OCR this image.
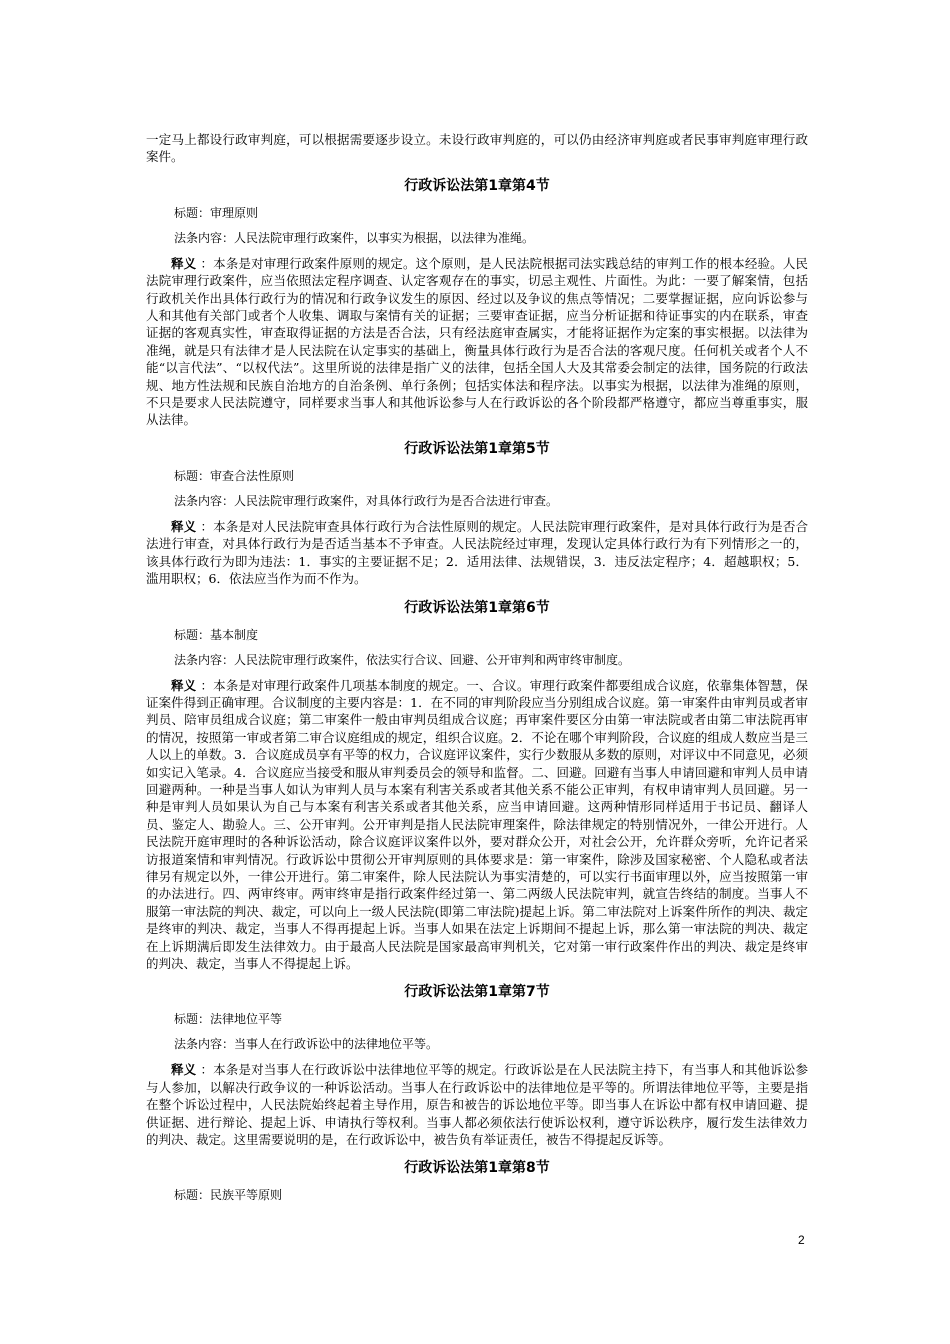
一定马上都设行政审判庭，可以根据需要逐步设立。未设行政审判庭的，可以仍由经济审判庭或者民事审判庭审理行政案件。

行政诉讼法第1章第4节
标题：审理原则
法条内容：人民法院审理行政案件，以事实为根据，以法律为准绳。

释义 ：本条是对审理行政案件原则的规定。这个原则，是人民法院根据司法实践总结的审判工作的根本经验。人民法院审理行政案件，应当依照法定程序调查、认定客观存在的事实，切忌主观性、片面性。为此：一要了解案情，包括行政机关作出具体行政行为的情况和行政争议发生的原因、经过以及争议的焦点等情况；二要掌握证据，应向诉讼参与人和其他有关部门或者个人收集、调取与案情有关的证据；三要审查证据，应当分析证据和待证事实的内在联系，审查证据的客观真实性，审查取得证据的方法是否合法，只有经法庭审查属实，才能将证据作为定案的事实根据。以法律为准绳，就是只有法律才是人民法院在认定事实的基础上，衡量具体行政行为是否合法的客观尺度。任何机关或者个人不能“以言代法”、“以权代法”。这里所说的法律是指广义的法律，包括全国人大及其常委会制定的法律，国务院的行政法规、地方性法规和民族自治地方的自治条例、单行条例；包括实体法和程序法。以事实为根据，以法律为准绳的原则，不只是要求人民法院遵守，同样要求当事人和其他诉讼参与人在行政诉讼的各个阶段都严格遵守，都应当尊重事实，服从法律。

行政诉讼法第1章第5节
标题：审查合法性原则
法条内容：人民法院审理行政案件，对具体行政行为是否合法进行审查。

释义 ：本条是对人民法院审查具体行政行为合法性原则的规定。人民法院审理行政案件，是对具体行政行为是否合法进行审查，对具体行政行为是否适当基本不予审查。人民法院经过审理，发现认定具体行政行为有下列情形之一的，该具体行政行为即为违法：1．事实的主要证据不足；2．适用法律、法规错误，3．违反法定程序；4．超越职权；5．滥用职权；6．依法应当作为而不作为。

行政诉讼法第1章第6节
标题：基本制度
法条内容：人民法院审理行政案件，依法实行合议、回避、公开审判和两审终审制度。

释义 ：本条是对审理行政案件几项基本制度的规定。一、合议。审理行政案件都要组成合议庭，依靠集体智慧，保证案件得到正确审理。合议制度的主要内容是：1．在不同的审判阶段应当分别组成合议庭。第一审案件由审判员或者审判员、陪审员组成合议庭；第二审案件一般由审判员组成合议庭；再审案件要区分由第一审法院或者由第二审法院再审的情况，按照第一审或者第二审合议庭组成的规定，组织合议庭。2．不论在哪个审判阶段，合议庭的组成人数应当是三人以上的单数。3．合议庭成员享有平等的权力，合议庭评议案件，实行少数服从多数的原则，对评议中不同意见，必须如实记入笔录。4．合议庭应当接受和服从审判委员会的领导和监督。二、回避。回避有当事人申请回避和审判人员申请回避两种。一种是当事人如认为审判人员与本案有利害关系或者其他关系不能公正审判，有权申请审判人员回避。另一种是审判人员如果认为自己与本案有利害关系或者其他关系，应当申请回避。这两种情形同样适用于书记员、翻译人员、鉴定人、勘验人。三、公开审判。公开审判是指人民法院审理案件，除法律规定的特别情况外，一律公开进行。人民法院开庭审理时的各种诉讼活动，除合议庭评议案件以外，要对群众公开，对社会公开，允许群众旁听，允许记者采访报道案情和审判情况。行政诉讼中贯彻公开审判原则的具体要求是：第一审案件，除涉及国家秘密、个人隐私或者法律另有规定以外，一律公开进行。第二审案件，除人民法院认为事实清楚的，可以实行书面审理以外，应当按照第一审的办法进行。四、两审终审。两审终审是指行政案件经过第一、第二两级人民法院审判，就宣告终结的制度。当事人不服第一审法院的判决、裁定，可以向上一级人民法院(即第二审法院)提起上诉。第二审法院对上诉案件所作的判决、裁定是终审的判决、裁定，当事人不得再提起上诉。当事人如果在法定上诉期间不提起上诉，那么第一审法院的判决、裁定在上诉期满后即发生法律效力。由于最高人民法院是国家最高审判机关，它对第一审行政案件作出的判决、裁定是终审的判决、裁定，当事人不得提起上诉。

行政诉讼法第1章第7节
标题：法律地位平等
法条内容：当事人在行政诉讼中的法律地位平等。

释义 ：本条是对当事人在行政诉讼中法律地位平等的规定。行政诉讼是在人民法院主持下，有当事人和其他诉讼参与人参加，以解决行政争议的一种诉讼活动。当事人在行政诉讼中的法律地位是平等的。所谓法律地位平等，主要是指在整个诉讼过程中，人民法院始终起着主导作用，原告和被告的诉讼地位平等。即当事人在诉讼中都有权申请回避、提供证据、进行辩论、提起上诉、申请执行等权利。当事人都必须依法行使诉讼权利，遵守诉讼秩序，履行发生法律效力的判决、裁定。这里需要说明的是，在行政诉讼中，被告负有举证责任，被告不得提起反诉等。

行政诉讼法第1章第8节
标题：民族平等原则
2
